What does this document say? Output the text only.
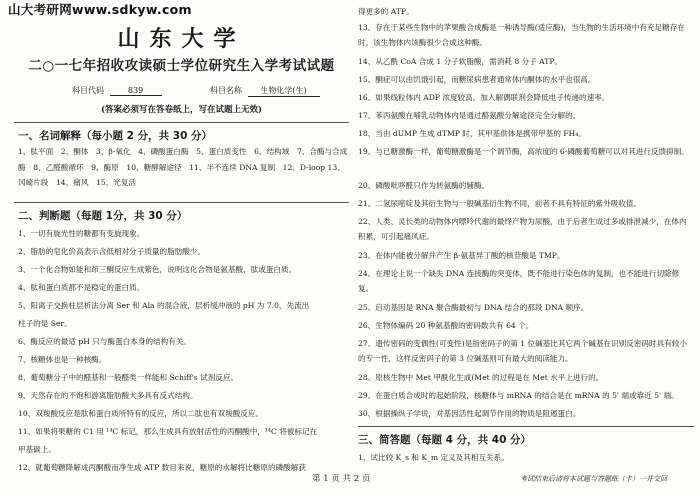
山大考研网www.sdkyw.com
山东大学
二○一七年招收攻读硕士学位研究生入学考试试题
科目代码	839	科目名称 生物化学(生)
(答案必须写在答卷纸上，写在试题上无效)
一、名词解释（每小题 2 分，共 30 分）
1、肽平面　2、酮体　3、β-氧化　4、磷酸蛋白酶　5、蛋白质变性　6、结构域　7、合酶与合成酶　8、乙醛酸循环　9、酶原　10、糖酵解途径　11、半不连续 DNA 复制　12、D-loop 13、冈崎片段　14、痛风　15、光复活
二、判断题（每题 1分，共 30 分）
1、一切有旋光性的糖都有变旋现象。
2、脂肪的皂化价高表示含低相对分子质量的脂肪酸少。
3、一个化合物如能和茚三酮反应生成紫色，说明这化合物是氨基酸、肽或蛋白质。
4、肽和蛋白质都不是稳定的蛋白质。
5、阳离子交换柱层析法分离 Ser 和 Ala 的混合液，层析缓冲液的 pH 为 7.0，先流出
柱子的是 Ser。
6、酶反应的最适 pH 只与酶蛋白本身的结构有关。
7、核糖体也是一种核酶。
8、葡萄糖分子中的醛基和一般醛类一样能和 Schiff's 试剂反应。
9、天然存在的不饱和游离脂肪酸大多具有反式结构。
10、双羧酸反应是肽和蛋白质所特有的反应，所以二肽也有双羧酸反应。
11、如果将果糖的 C1 用 ¹⁴C 标记，那么生成具有放射活性的丙酮酸中，¹⁴C 将被标记在
甲基碳上。
12、就葡萄糖降解成丙酮酸而净生成 ATP 数目来说，糖原的水解将比糖原的磷酸解获
得更多的 ATP。
13、存在于某些生物中的苹果酸合成酶是一种诱导酶(适应酶)，当生物的生活环境中有充足糖存在时，该生物体内该酶很少合成这种酶。
14、从乙酰 CoA 合成 1 分子软脂酸，需消耗 8 分子 ATP。
15、酮症可以由饥饿引起，而糖尿病患者通常体内酮体的水平也很高。
16、如果线粒体内 ADP 浓度较高，加入解偶联剂会降低电子传递的速率。
17、苯丙氨酸在哺乳动物体内是通过酪氨酸分解途径完全分解的。
18、当由 dUMP 生成 dTMP 时，其甲基供体是携带甲基的 FH₄。
19、与已糖激酶一样，葡萄糖激酶是一个调节酶，高浓度的 6-磷酸葡萄糖可以对其进行反馈抑制。
20、磷酸吡哆醛只作为转氨酶的辅酶。
21、二氢尿嘧啶及其衍生物与一般碱基衍生物不同，前者不具有特征的紫外吸收值。
22、人类、灵长类的动物体内嘌呤代谢的最终产物为尿酸，由于后者生成过多或排泄减少，在体内积累，可引起痛风症。
23、在体内能被分解并产生 β-氨基异丁酸的核苷酸是 TMP。
24、在理论上说一个缺失 DNA 连接酶的突变体，既不能进行染色体的复制，也不能进行切除修复。
25、启动基因是 RNA 聚合酶最初与 DNA 结合的那段 DNA 顺序。
26、生物体编码 20 种氨基酸的密码数共有 64 个。
27、遗传密码的变偶性(可变性)是指密码子的第 1 位碱基比其它两个碱基在识别反密码时具有较小的专一性，这样反密码子的第 3 位碱基则可有最大的阅读能力。
28、原核生物中 Met 甲酰化生成(Met 的过程是在 Met 水平上进行的。
29、在蛋白质合成时的起始阶段，核糖体与 mRNA 的结合是在 mRNA 的 5' 端或靠近 5' 端。
30、根据操纵子学说，对基因活性起调节作用的物质是阻遏蛋白。
三、简答题（每题 4 分，共 40 分）
1、试比较 K_s 和 K_m 定义及其相互关系。
第 1 页 共 2 页	考试结束后请将本试题与答题纸（卡）一并交回
